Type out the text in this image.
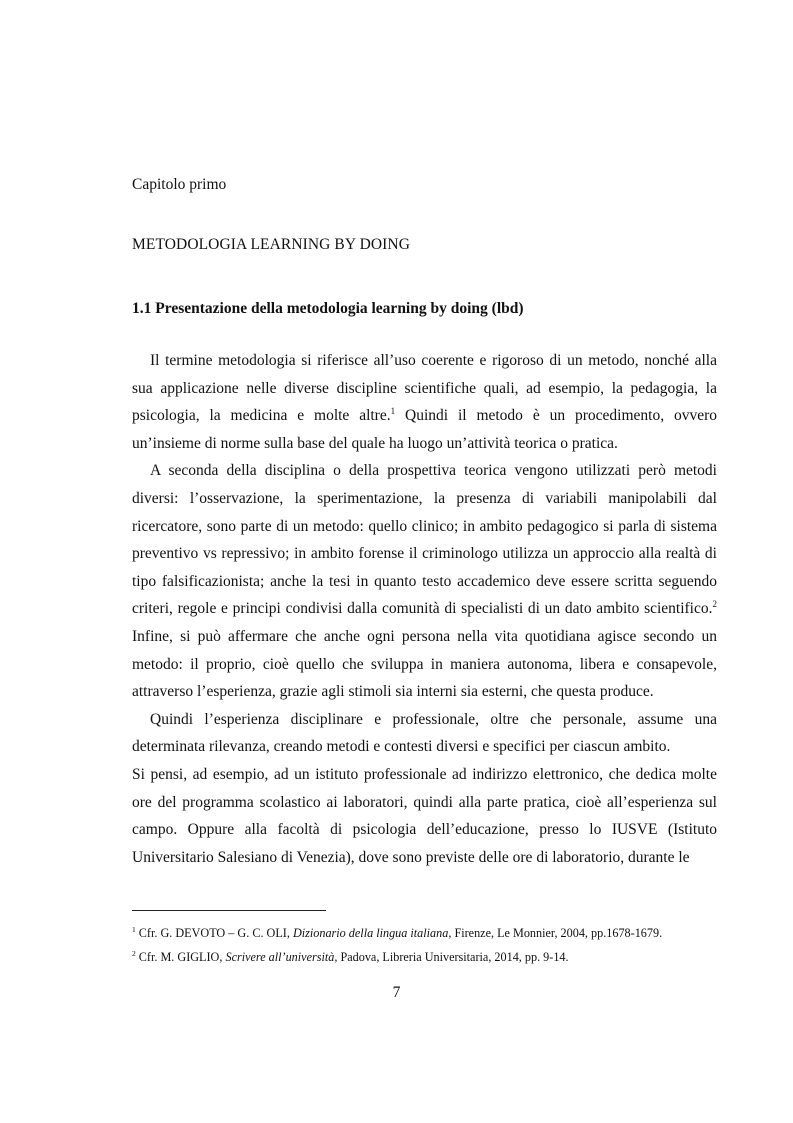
Capitolo primo
METODOLOGIA LEARNING BY DOING
1.1 Presentazione della metodologia learning by doing (lbd)

Il termine metodologia si riferisce all’uso coerente e rigoroso di un metodo, nonché alla sua applicazione nelle diverse discipline scientifiche quali, ad esempio, la pedagogia, la psicologia, la medicina e molte altre.$^1$ Quindi il metodo è un procedimento, ovvero un’insieme di norme sulla base del quale ha luogo un’attività teorica o pratica.

A seconda della disciplina o della prospettiva teorica vengono utilizzati però metodi diversi: l’osservazione, la sperimentazione, la presenza di variabili manipolabili dal ricercatore, sono parte di un metodo: quello clinico; in ambito pedagogico si parla di sistema preventivo vs repressivo; in ambito forense il criminologo utilizza un approccio alla realtà di tipo falsificazionista; anche la tesi in quanto testo accademico deve essere scritta seguendo criteri, regole e principi condivisi dalla comunità di specialisti di un dato ambito scientifico.$^2$ Infine, si può affermare che anche ogni persona nella vita quotidiana agisce secondo un metodo: il proprio, cioè quello che sviluppa in maniera autonoma, libera e consapevole, attraverso l’esperienza, grazie agli stimoli sia interni sia esterni, che questa produce.

Quindi l’esperienza disciplinare e professionale, oltre che personale, assume una determinata rilevanza, creando metodi e contesti diversi e specifici per ciascun ambito.

Si pensi, ad esempio, ad un istituto professionale ad indirizzo elettronico, che dedica molte ore del programma scolastico ai laboratori, quindi alla parte pratica, cioè all’esperienza sul campo. Oppure alla facoltà di psicologia dell’educazione, presso lo IUSVE (Istituto Universitario Salesiano di Venezia), dove sono previste delle ore di laboratorio, durante le

$^1$ Cfr. G. DEVOTO – G. C. OLI, Dizionario della lingua italiana, Firenze, Le Monnier, 2004, pp.1678-1679.

$^2$ Cfr. M. GIGLIO, Scrivere all’università, Padova, Libreria Universitaria, 2014, pp. 9-14.

7
